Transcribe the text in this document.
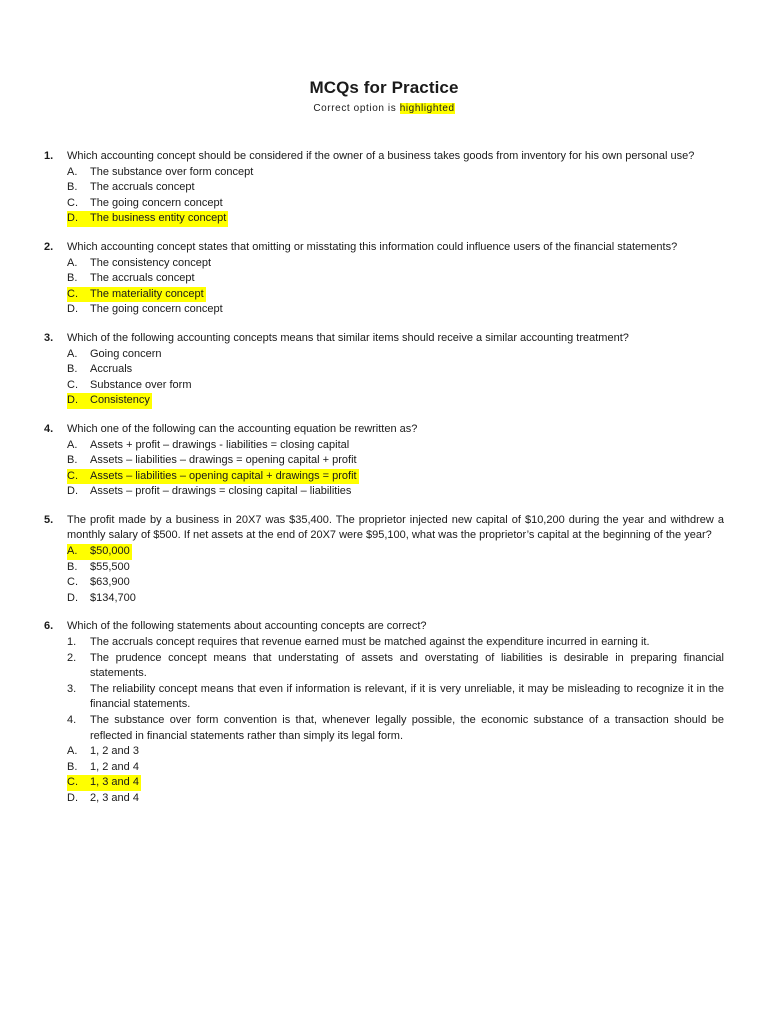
MCQs for Practice
Correct option is highlighted
1. Which accounting concept should be considered if the owner of a business takes goods from inventory for his own personal use?
A. The substance over form concept
B. The accruals concept
C. The going concern concept
D. The business entity concept
2. Which accounting concept states that omitting or misstating this information could influence users of the financial statements?
A. The consistency concept
B. The accruals concept
C. The materiality concept
D. The going concern concept
3. Which of the following accounting concepts means that similar items should receive a similar accounting treatment?
A. Going concern
B. Accruals
C. Substance over form
D. Consistency
4. Which one of the following can the accounting equation be rewritten as?
A. Assets + profit – drawings - liabilities = closing capital
B. Assets – liabilities – drawings = opening capital + profit
C. Assets – liabilities – opening capital + drawings = profit
D. Assets – profit – drawings = closing capital – liabilities
5. The profit made by a business in 20X7 was $35,400. The proprietor injected new capital of $10,200 during the year and withdrew a monthly salary of $500. If net assets at the end of 20X7 were $95,100, what was the proprietor’s capital at the beginning of the year?
A. $50,000
B. $55,500
C. $63,900
D. $134,700
6. Which of the following statements about accounting concepts are correct?
1. The accruals concept requires that revenue earned must be matched against the expenditure incurred in earning it.
2. The prudence concept means that understating of assets and overstating of liabilities is desirable in preparing financial statements.
3. The reliability concept means that even if information is relevant, if it is very unreliable, it may be misleading to recognize it in the financial statements.
4. The substance over form convention is that, whenever legally possible, the economic substance of a transaction should be reflected in financial statements rather than simply its legal form.
A. 1, 2 and 3
B. 1, 2 and 4
C. 1, 3 and 4
D. 2, 3 and 4
